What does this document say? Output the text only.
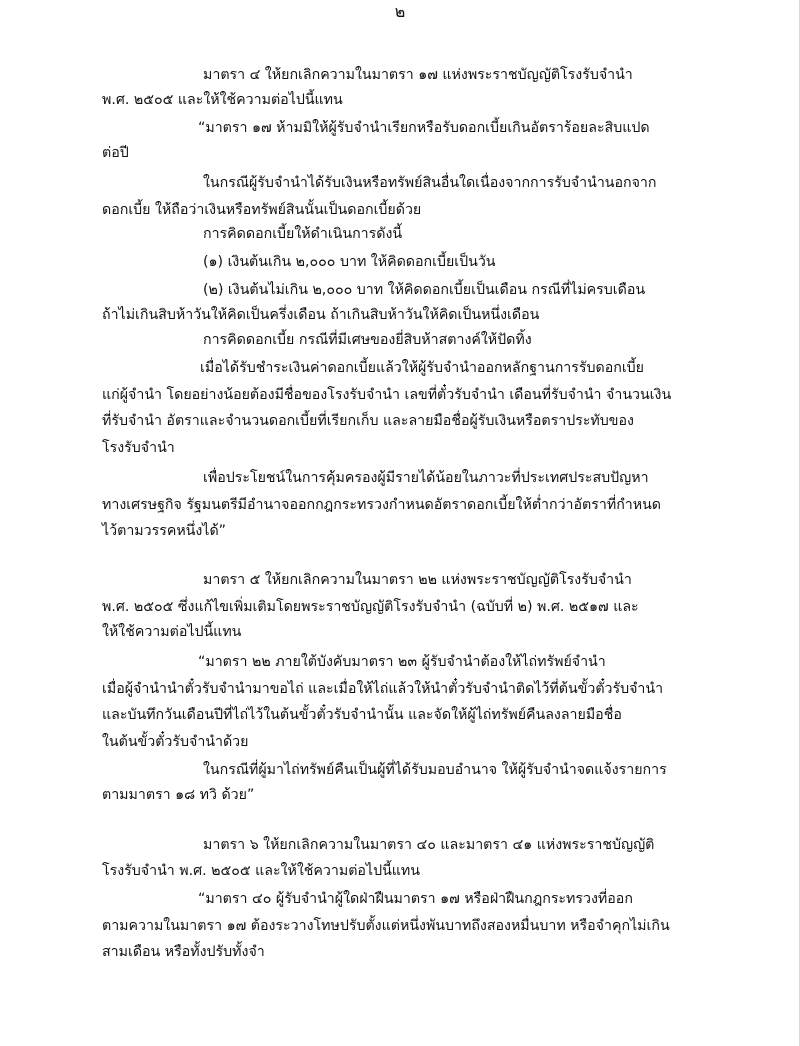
๒
มาตรา ๔ ให้ยกเลิกความในมาตรา ๑๗ แห่งพระราชบัญญัติโรงรับจำนำ
พ.ศ. ๒๕๐๕ และให้ใช้ความต่อไปนี้แทน
“มาตรา ๑๗ ห้ามมิให้ผู้รับจำนำเรียกหรือรับดอกเบี้ยเกินอัตราร้อยละสิบแปด
ต่อปี
ในกรณีผู้รับจำนำได้รับเงินหรือทรัพย์สินอื่นใดเนื่องจากการรับจำนำนอกจาก
ดอกเบี้ย ให้ถือว่าเงินหรือทรัพย์สินนั้นเป็นดอกเบี้ยด้วย
การคิดดอกเบี้ยให้ดำเนินการดังนี้
(๑) เงินต้นเกิน ๒,๐๐๐ บาท ให้คิดดอกเบี้ยเป็นวัน
(๒) เงินต้นไม่เกิน ๒,๐๐๐ บาท ให้คิดดอกเบี้ยเป็นเดือน กรณีที่ไม่ครบเดือน
ถ้าไม่เกินสิบห้าวันให้คิดเป็นครึ่งเดือน ถ้าเกินสิบห้าวันให้คิดเป็นหนึ่งเดือน
การคิดดอกเบี้ย กรณีที่มีเศษของยี่สิบห้าสตางค์ให้ปัดทิ้ง
เมื่อได้รับชำระเงินค่าดอกเบี้ยแล้วให้ผู้รับจำนำออกหลักฐานการรับดอกเบี้ย
แก่ผู้จำนำ โดยอย่างน้อยต้องมีชื่อของโรงรับจำนำ เลขที่ตั๋วรับจำนำ เดือนที่รับจำนำ จำนวนเงิน
ที่รับจำนำ อัตราและจำนวนดอกเบี้ยที่เรียกเก็บ และลายมือชื่อผู้รับเงินหรือตราประทับของ
โรงรับจำนำ
เพื่อประโยชน์ในการคุ้มครองผู้มีรายได้น้อยในภาวะที่ประเทศประสบปัญหา
ทางเศรษฐกิจ รัฐมนตรีมีอำนาจออกกฎกระทรวงกำหนดอัตราดอกเบี้ยให้ต่ำกว่าอัตราที่กำหนด
ไว้ตามวรรคหนึ่งได้”
มาตรา ๕ ให้ยกเลิกความในมาตรา ๒๒ แห่งพระราชบัญญัติโรงรับจำนำ
พ.ศ. ๒๕๐๕ ซึ่งแก้ไขเพิ่มเติมโดยพระราชบัญญัติโรงรับจำนำ (ฉบับที่ ๒) พ.ศ. ๒๕๑๗ และ
ให้ใช้ความต่อไปนี้แทน
“มาตรา ๒๒ ภายใต้บังคับมาตรา ๒๓ ผู้รับจำนำต้องให้ไถ่ทรัพย์จำนำ
เมื่อผู้จำนำนำตั๋วรับจำนำมาขอไถ่ และเมื่อให้ไถ่แล้วให้นำตั๋วรับจำนำติดไว้ที่ต้นขั้วตั๋วรับจำนำ
และบันทึกวันเดือนปีที่ไถ่ไว้ในต้นขั้วตั๋วรับจำนำนั้น และจัดให้ผู้ไถ่ทรัพย์คืนลงลายมือชื่อ
ในต้นขั้วตั๋วรับจำนำด้วย
ในกรณีที่ผู้มาไถ่ทรัพย์คืนเป็นผู้ที่ได้รับมอบอำนาจ ให้ผู้รับจำนำจดแจ้งรายการ
ตามมาตรา ๑๘ ทวิ ด้วย”
มาตรา ๖ ให้ยกเลิกความในมาตรา ๔๐ และมาตรา ๔๑ แห่งพระราชบัญญัติ
โรงรับจำนำ พ.ศ. ๒๕๐๕ และให้ใช้ความต่อไปนี้แทน
“มาตรา ๔๐ ผู้รับจำนำผู้ใดฝ่าฝืนมาตรา ๑๗ หรือฝ่าฝืนกฎกระทรวงที่ออก
ตามความในมาตรา ๑๗ ต้องระวางโทษปรับตั้งแต่หนึ่งพันบาทถึงสองหมื่นบาท หรือจำคุกไม่เกิน
สามเดือน หรือทั้งปรับทั้งจำ
